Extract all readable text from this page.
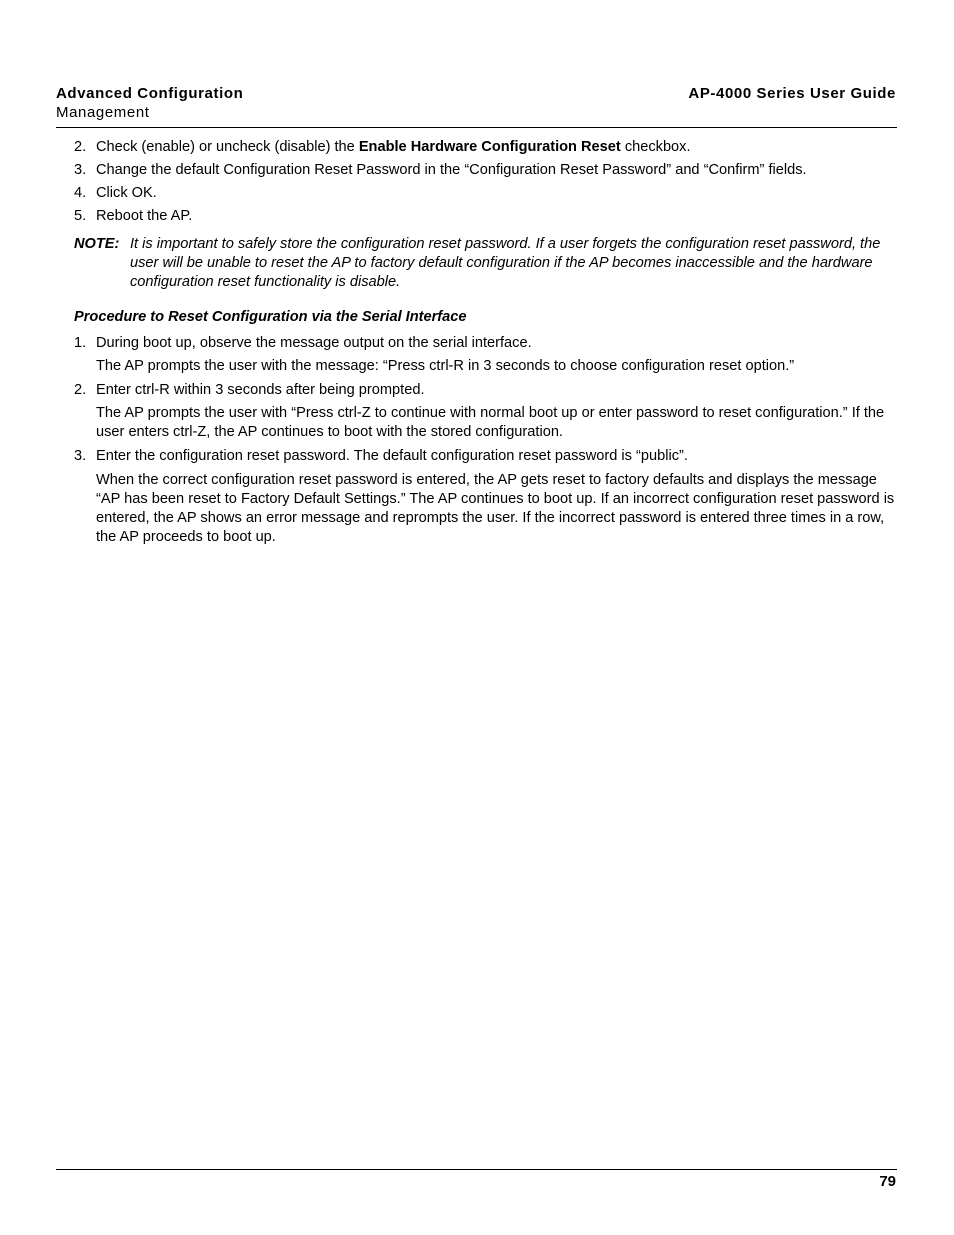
Advanced Configuration
Management
AP-4000 Series User Guide
2. Check (enable) or uncheck (disable) the Enable Hardware Configuration Reset checkbox.
3. Change the default Configuration Reset Password in the “Configuration Reset Password” and “Confirm” fields.
4. Click OK.
5. Reboot the AP.
NOTE: It is important to safely store the configuration reset password. If a user forgets the configuration reset password, the user will be unable to reset the AP to factory default configuration if the AP becomes inaccessible and the hardware configuration reset functionality is disable.
Procedure to Reset Configuration via the Serial Interface
1. During boot up, observe the message output on the serial interface.
The AP prompts the user with the message: “Press ctrl-R in 3 seconds to choose configuration reset option.”
2. Enter ctrl-R within 3 seconds after being prompted.
The AP prompts the user with “Press ctrl-Z to continue with normal boot up or enter password to reset configuration.” If the user enters ctrl-Z, the AP continues to boot with the stored configuration.
3. Enter the configuration reset password. The default configuration reset password is “public”.
When the correct configuration reset password is entered, the AP gets reset to factory defaults and displays the message “AP has been reset to Factory Default Settings.” The AP continues to boot up. If an incorrect configuration reset password is entered, the AP shows an error message and reprompts the user. If the incorrect password is entered three times in a row, the AP proceeds to boot up.
79
